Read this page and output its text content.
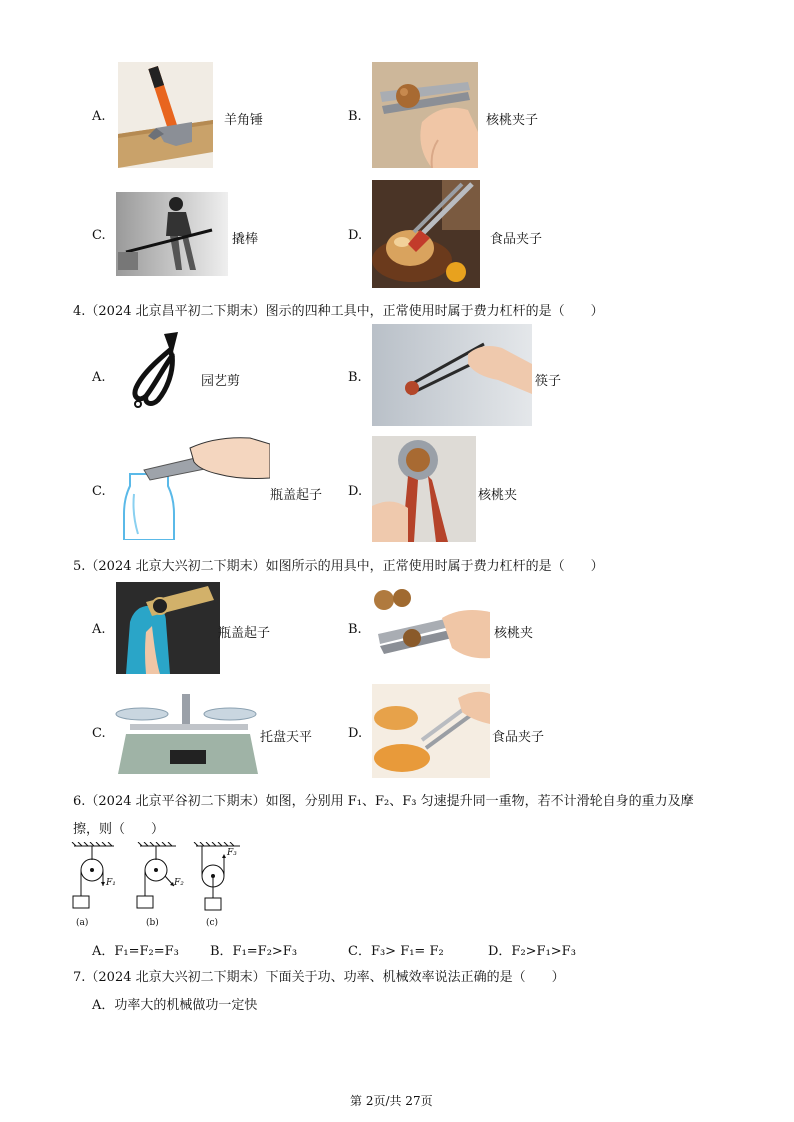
A.	羊角锤	B.	核桃夹子
C.	撬棒	D.	食品夹子
4.（2024 北京昌平初二下期末）图示的四种工具中，正常使用时属于费力杠杆的是（　　）
A.	园艺剪	B.	筷子
C.	瓶盖起子 D.	核桃夹
5.（2024 北京大兴初二下期末）如图所示的用具中，正常使用时属于费力杠杆的是（　　）
A.	瓶盖起子	B.	核桃夹
C.	托盘天平	D.	食品夹子
6.（2024 北京平谷初二下期末）如图，分别用 F₁、F₂、F₃ 匀速提升同一重物，若不计滑轮自身的重力及摩
擦，则（　　）
F₁	F₂
F₃
(a)	(b)	(c)
A．F₁=F₂=F₃ B．F₁=F₂>F₃	C．F₃> F₁= F₂	D．F₂>F₁>F₃
7.（2024 北京大兴初二下期末）下面关于功、功率、机械效率说法正确的是（　　）
A．功率大的机械做功一定快
第 2页/共 27页
